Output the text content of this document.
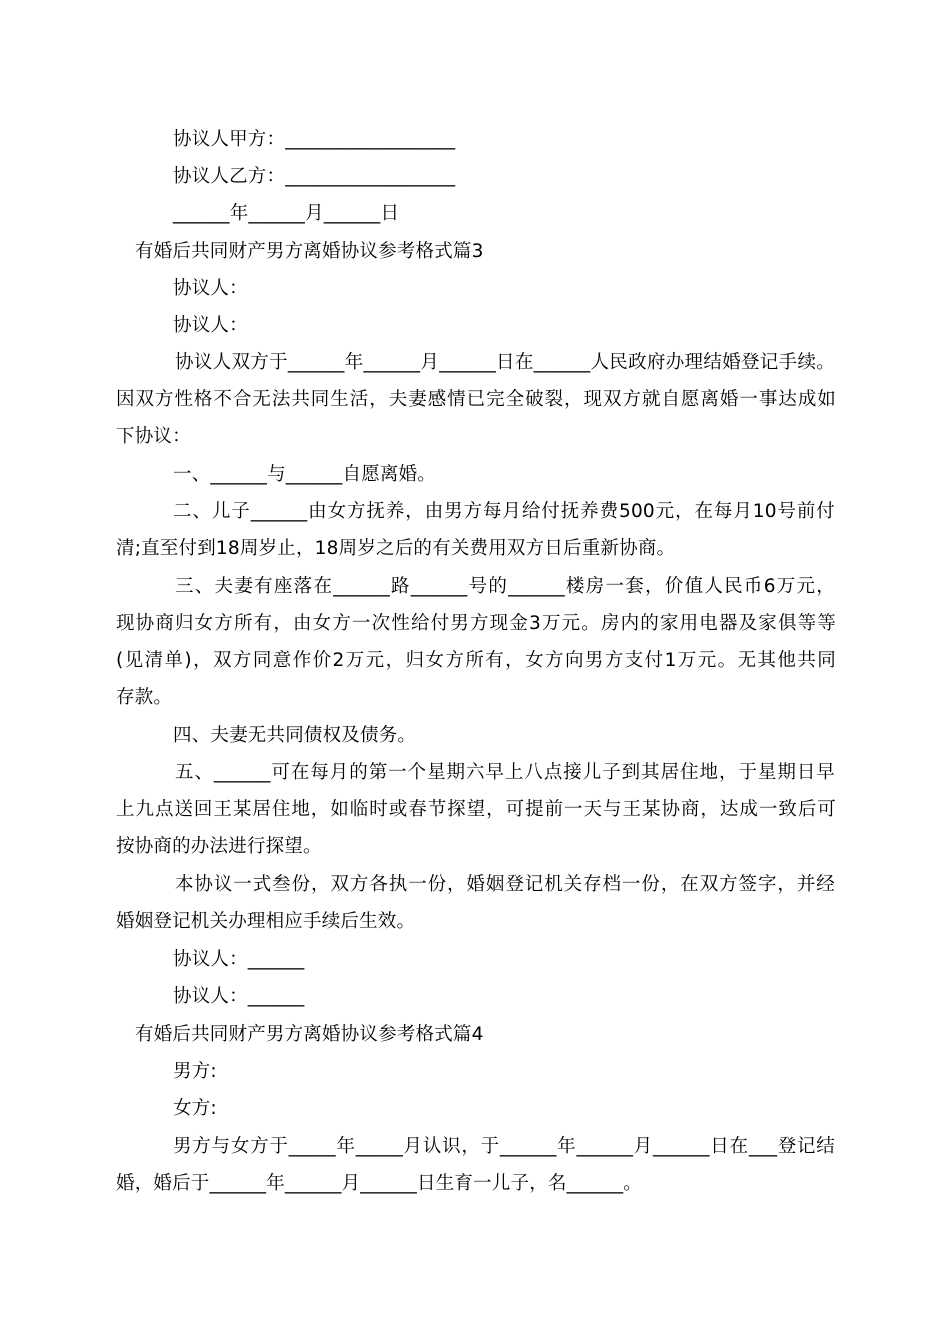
协议人甲方：__________________
协议人乙方：__________________
______年______月______日
有婚后共同财产男方离婚协议参考格式篇3
协议人：
协议人：
协议人双方于______年______月______日在______人民政府办理结婚登记手续。
因双方性格不合无法共同生活，夫妻感情已完全破裂，现双方就自愿离婚一事达成如
下协议：
一、______与______自愿离婚。
二、儿子______由女方抚养，由男方每月给付抚养费500元，在每月10号前付
清;直至付到18周岁止，18周岁之后的有关费用双方日后重新协商。
三、夫妻有座落在______路______号的______楼房一套，价值人民币6万元，
现协商归女方所有，由女方一次性给付男方现金3万元。房内的家用电器及家俱等等
(见清单)，双方同意作价2万元，归女方所有，女方向男方支付1万元。无其他共同
存款。
四、夫妻无共同债权及债务。
五、______可在每月的第一个星期六早上八点接儿子到其居住地，于星期日早
上九点送回王某居住地，如临时或春节探望，可提前一天与王某协商，达成一致后可
按协商的办法进行探望。
本协议一式叁份，双方各执一份，婚姻登记机关存档一份，在双方签字，并经
婚姻登记机关办理相应手续后生效。
协议人：______
协议人：______
有婚后共同财产男方离婚协议参考格式篇4
男方:
女方:
男方与女方于_____年_____月认识，于______年______月______日在___登记结
婚，婚后于______年______月______日生育一儿子，名______。
